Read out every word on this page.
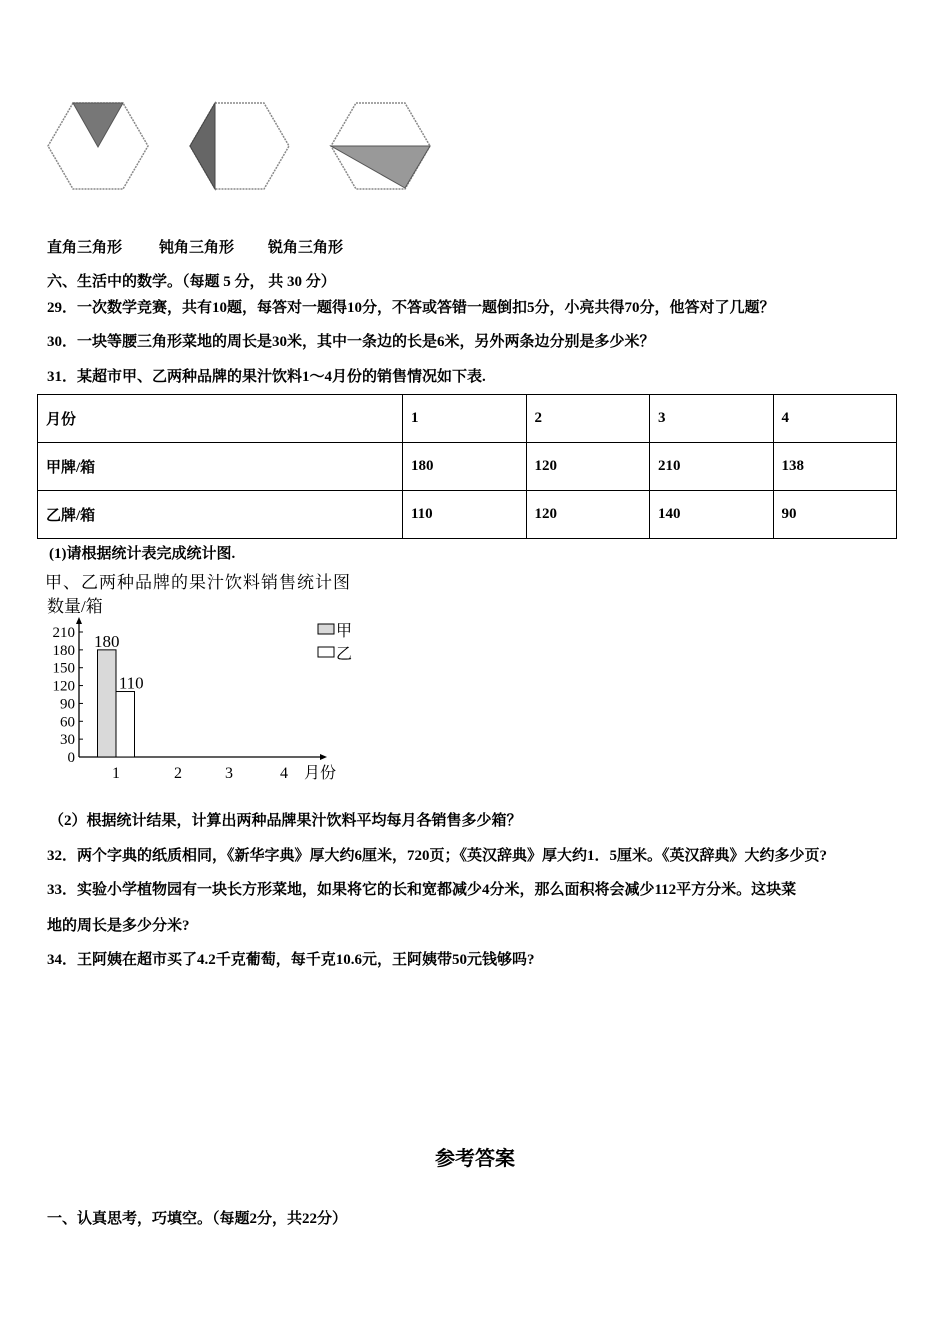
直角三角形 钝角三角形 锐角三角形
六、生活中的数学。（每题 5 分， 共 30 分）
29．一次数学竞赛，共有10题，每答对一题得10分，不答或答错一题倒扣5分，小亮共得70分，他答对了几题？
30．一块等腰三角形菜地的周长是30米，其中一条边的长是6米，另外两条边分别是多少米？
31．某超市甲、乙两种品牌的果汁饮料1～4月份的销售情况如下表.
月份	1	2	3	4
甲牌/箱	180	120	210	138
乙牌/箱	110	120	140	90
(1)请根据统计表完成统计图.
甲、乙两种品牌的果汁饮料销售统计图
数量/箱
月份
0
30
60
90
120
150
180
210
1	2	3	4
180
110
甲
乙
（2）根据统计结果，计算出两种品牌果汁饮料平均每月各销售多少箱？
32．两个字典的纸质相同，《新华字典》厚大约6厘米，720页；《英汉辞典》厚大约1．5厘米。《英汉辞典》大约多少页?
33．实验小学植物园有一块长方形菜地，如果将它的长和宽都减少4分米，那么面积将会减少112平方分米。这块菜
地的周长是多少分米?
34．王阿姨在超市买了4.2千克葡萄，每千克10.6元，王阿姨带50元钱够吗?
参考答案
一、认真思考，巧填空。（每题2分，共22分）
